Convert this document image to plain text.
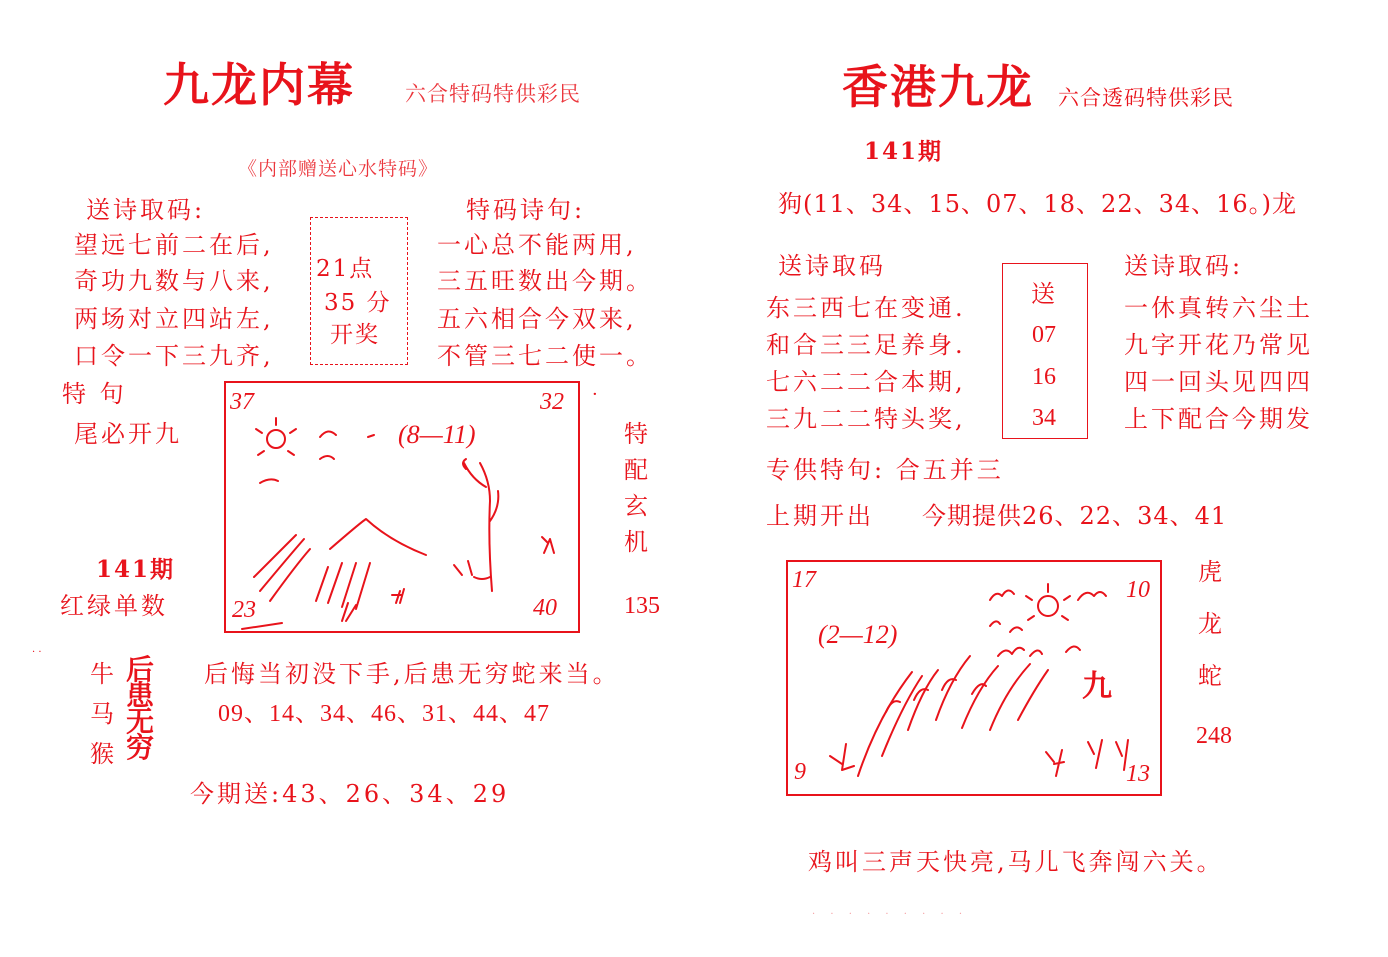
九龙内幕 六合特码特供彩民
《内部赠送心水特码》
送诗取码:
望远七前二在后,
奇功九数与八来,
两场对立四站左,
口令一下三九齐,
21点
35 分
开奖
特码诗句:
一心总不能两用,
三五旺数出今期。
五六相合今双来,
不管三七二使一。
特 句
尾必开九
141期
红绿单数
37	32
23	40
·
(8—11)	特
配
玄
机
135
· ·
牛
马
猴
后
患
无
穷
后悔当初没下手,后患无穷蛇来当。
09、14、34、46、31、44、47
今期送:43、26、34、29
香港九龙 六合透码特供彩民
141期
狗(11、34、15、07、18、22、34、16。)龙
送诗取码
东三西七在变通.
和合三三足养身.
七六二二合本期,
三九二二特头奖,
送
07
16
34
送诗取码:
一休真转六尘土
九字开花乃常见
四一回头见四四
上下配合今期发
专供特句: 合五并三
上期开出 今期提供26、22、34、41
17	10
9	13
(2—12)
九
虎
龙
蛇
248
鸡叫三声天快亮,马儿飞奔闯六关。
· · · · · · · · ·
